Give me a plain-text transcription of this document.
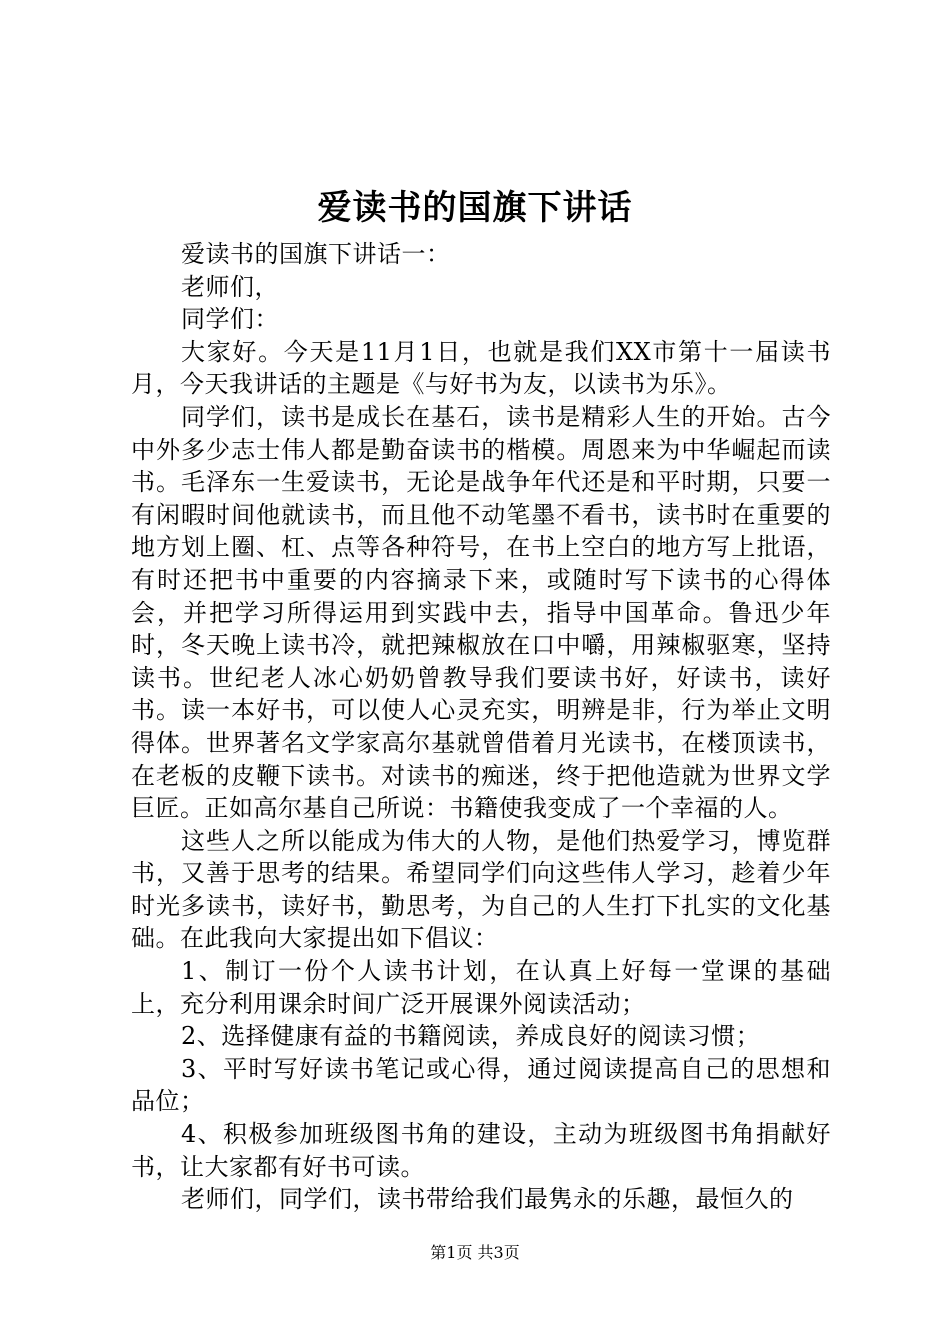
爱读书的国旗下讲话

爱读书的国旗下讲话一：

老师们，

同学们：

大家好。今天是11月1日，也就是我们XX市第十一届读书月，今天我讲话的主题是《与好书为友，以读书为乐》。

同学们，读书是成长在基石，读书是精彩人生的开始。古今中外多少志士伟人都是勤奋读书的楷模。周恩来为中华崛起而读书。毛泽东一生爱读书，无论是战争年代还是和平时期，只要一有闲暇时间他就读书，而且他不动笔墨不看书，读书时在重要的地方划上圈、杠、点等各种符号，在书上空白的地方写上批语，有时还把书中重要的内容摘录下来，或随时写下读书的心得体会，并把学习所得运用到实践中去，指导中国革命。鲁迅少年时，冬天晚上读书冷，就把辣椒放在口中嚼，用辣椒驱寒，坚持读书。世纪老人冰心奶奶曾教导我们要读书好，好读书，读好书。读一本好书，可以使人心灵充实，明辨是非，行为举止文明得体。世界著名文学家高尔基就曾借着月光读书，在楼顶读书，在老板的皮鞭下读书。对读书的痴迷，终于把他造就为世界文学巨匠。正如高尔基自己所说：书籍使我变成了一个幸福的人。

这些人之所以能成为伟大的人物，是他们热爱学习，博览群书，又善于思考的结果。希望同学们向这些伟人学习，趁着少年时光多读书，读好书，勤思考，为自己的人生打下扎实的文化基础。在此我向大家提出如下倡议：

1、制订一份个人读书计划，在认真上好每一堂课的基础上，充分利用课余时间广泛开展课外阅读活动；

2、选择健康有益的书籍阅读，养成良好的阅读习惯；

3、平时写好读书笔记或心得，通过阅读提高自己的思想和品位；

4、积极参加班级图书角的建设，主动为班级图书角捐献好书，让大家都有好书可读。

老师们，同学们，读书带给我们最隽永的乐趣，最恒久的

第1页 共3页
